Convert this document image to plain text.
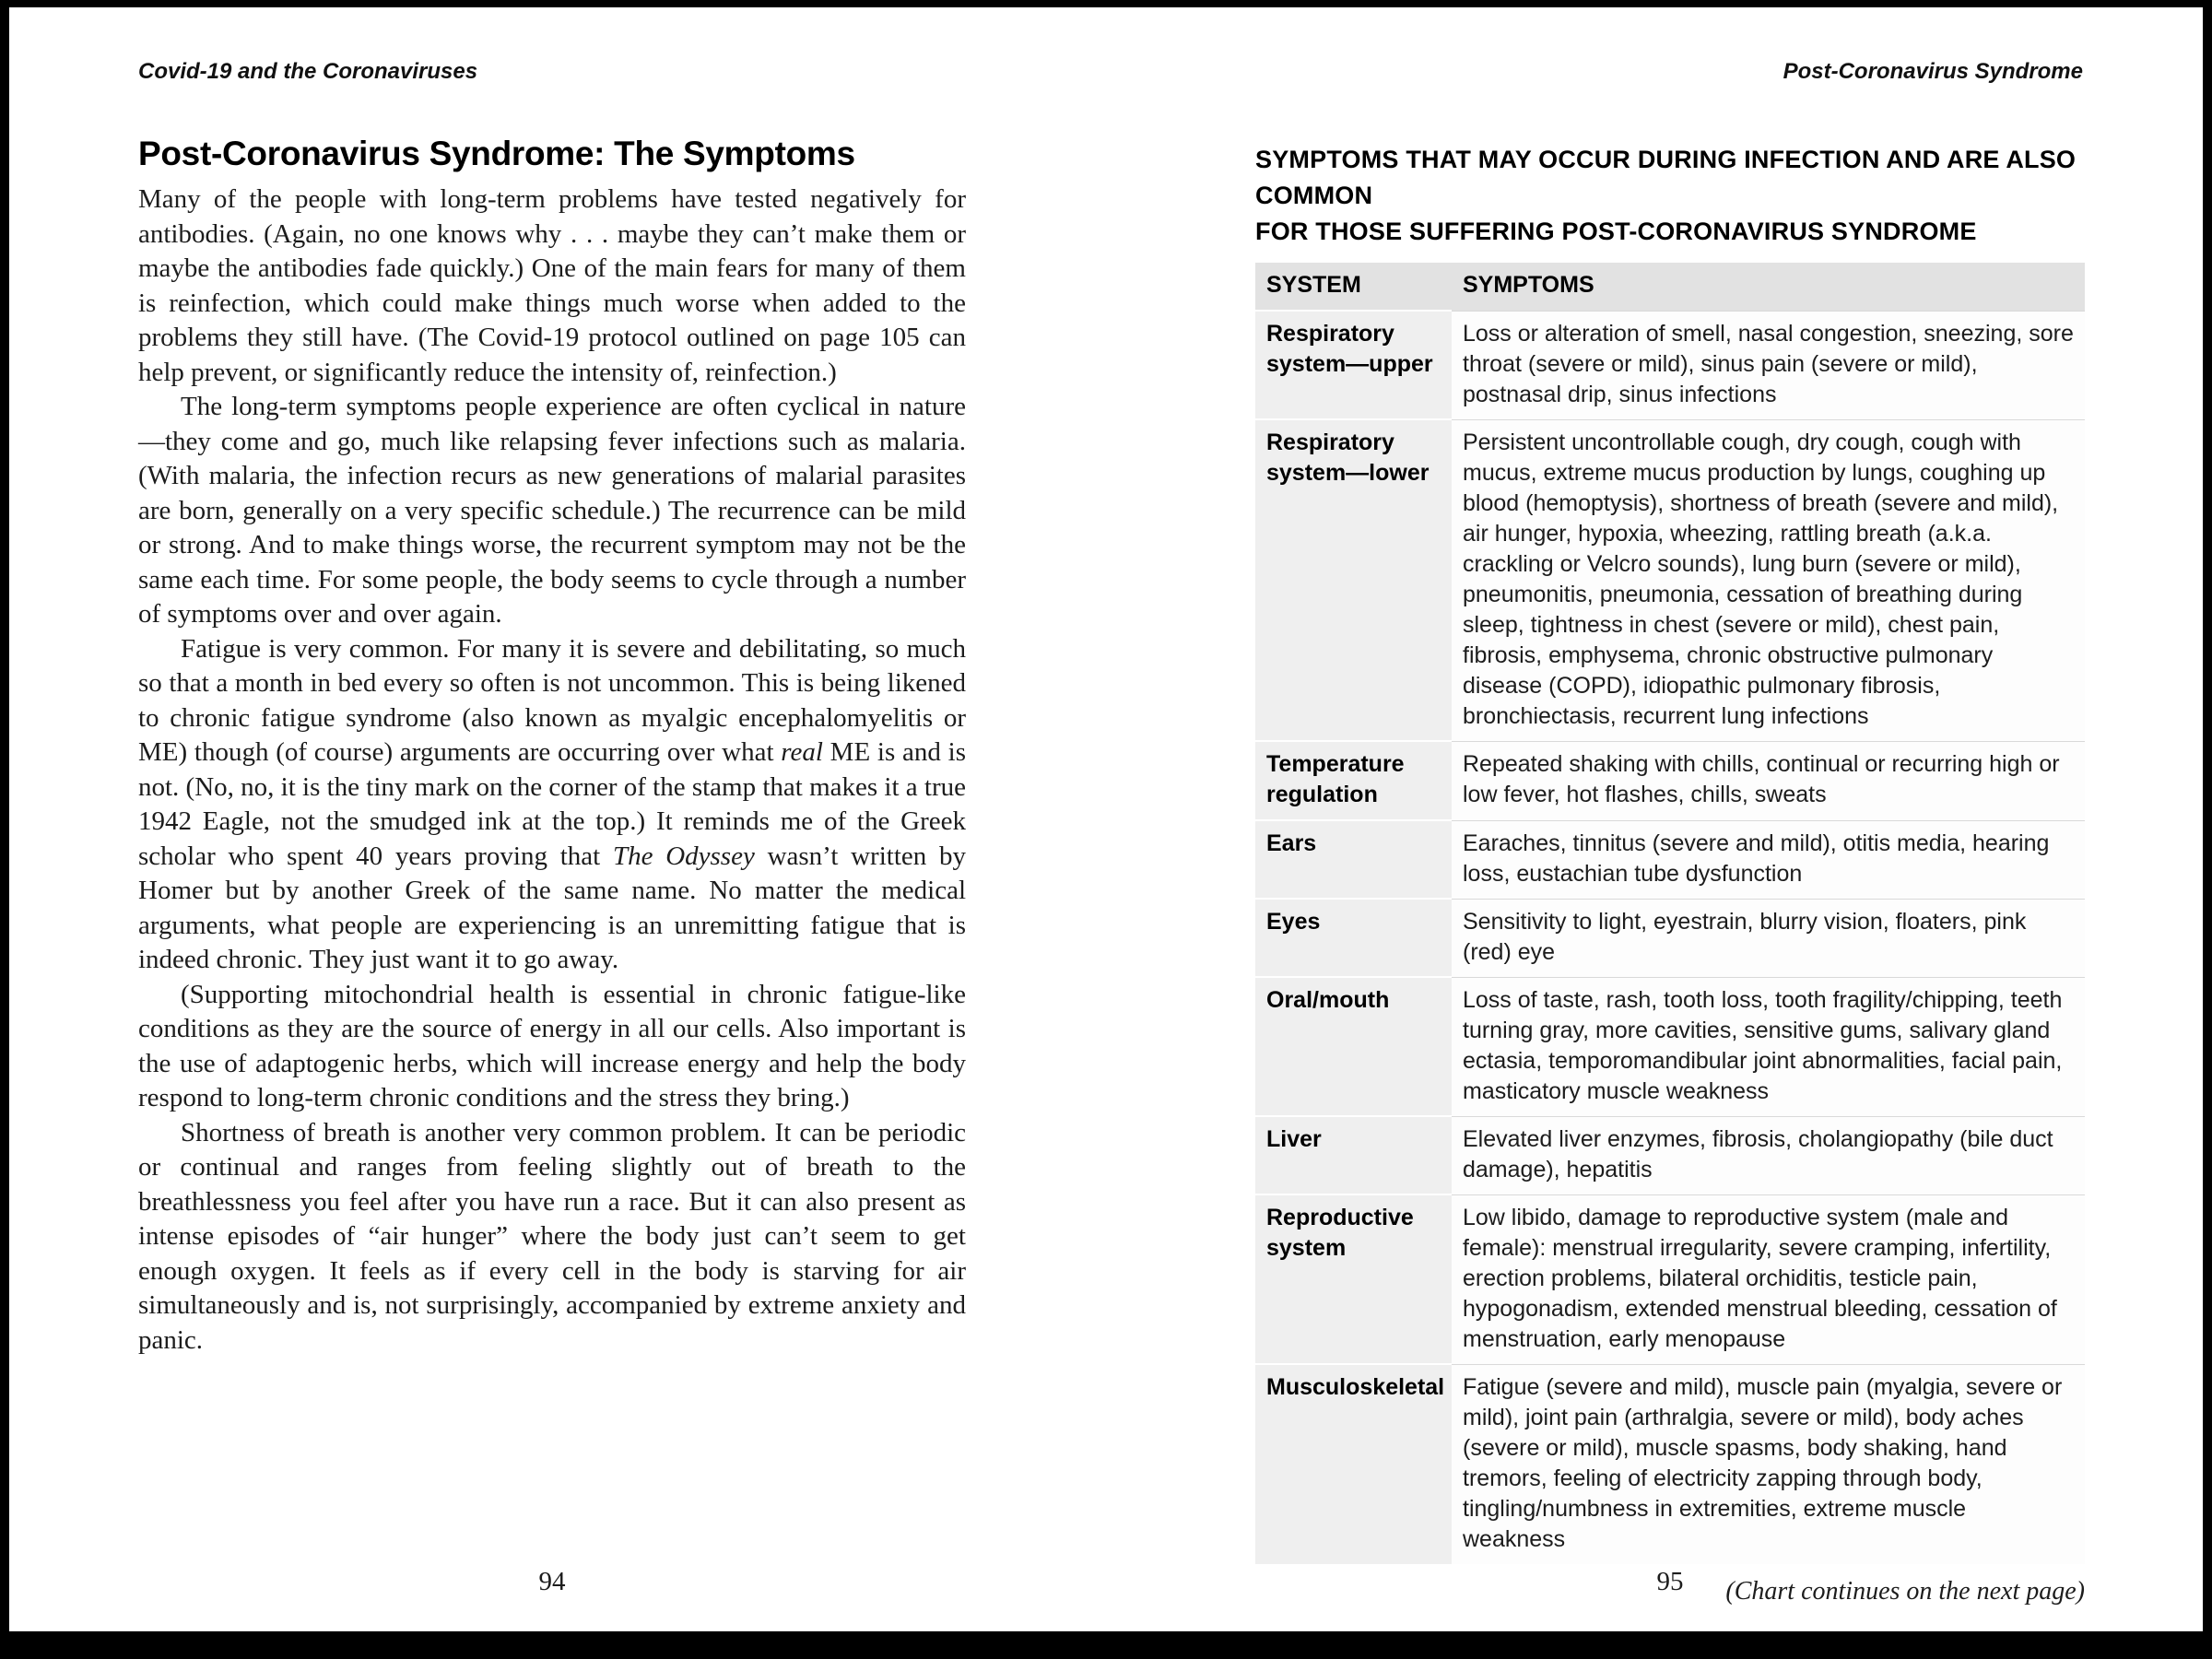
Covid-19 and the Coronaviruses	Post-Coronavirus Syndrome
Post-Coronavirus Syndrome: The Symptoms

Many of the people with long-term problems have tested negatively for antibodies. (Again, no one knows why . . . maybe they can’t make them or maybe the antibodies fade quickly.) One of the main fears for many of them is reinfection, which could make things much worse when added to the problems they still have. (The Covid-19 protocol outlined on page 105 can help prevent, or significantly reduce the intensity of, reinfection.)

The long-term symptoms people experience are often cyclical in nature—they come and go, much like relapsing fever infections such as malaria. (With malaria, the infection recurs as new generations of malarial parasites are born, generally on a very specific schedule.) The recurrence can be mild or strong. And to make things worse, the recurrent symptom may not be the same each time. For some people, the body seems to cycle through a number of symptoms over and over again.

Fatigue is very common. For many it is severe and debilitating, so much so that a month in bed every so often is not uncommon. This is being likened to chronic fatigue syndrome (also known as myalgic encephalomyelitis or ME) though (of course) arguments are occurring over what real ME is and is not. (No, no, it is the tiny mark on the corner of the stamp that makes it a true 1942 Eagle, not the smudged ink at the top.) It reminds me of the Greek scholar who spent 40 years proving that The Odyssey wasn’t written by Homer but by another Greek of the same name. No matter the medical arguments, what people are experiencing is an unremitting fatigue that is indeed chronic. They just want it to go away.

(Supporting mitochondrial health is essential in chronic fatigue-like conditions as they are the source of energy in all our cells. Also important is the use of adaptogenic herbs, which will increase energy and help the body respond to long-term chronic conditions and the stress they bring.)

Shortness of breath is another very common problem. It can be periodic or continual and ranges from feeling slightly out of breath to the breathlessness you feel after you have run a race. But it can also present as intense episodes of “air hunger” where the body just can’t seem to get enough oxygen. It feels as if every cell in the body is starving for air simultaneously and is, not surprisingly, accompanied by extreme anxiety and panic.

SYMPTOMS THAT MAY OCCUR DURING INFECTION AND ARE ALSO COMMON
FOR THOSE SUFFERING POST-CORONAVIRUS SYNDROME
SYSTEM	SYMPTOMS
Respiratory system—upper	Loss or alteration of smell, nasal congestion, sneezing, sore throat (severe or mild), sinus pain (severe or mild), postnasal drip, sinus infections
Respiratory system—lower	Persistent uncontrollable cough, dry cough, cough with mucus, extreme mucus production by lungs, coughing up blood (hemoptysis), shortness of breath (severe and mild), air hunger, hypoxia, wheezing, rattling breath (a.k.a. crackling or Velcro sounds), lung burn (severe or mild), pneumonitis, pneumonia, cessation of breathing during sleep, tightness in chest (severe or mild), chest pain, fibrosis, emphysema, chronic obstructive pulmonary disease (COPD), idiopathic pulmonary fibrosis, bronchiectasis, recurrent lung infections
Temperature regulation	Repeated shaking with chills, continual or recurring high or low fever, hot flashes, chills, sweats
Ears	Earaches, tinnitus (severe and mild), otitis media, hearing loss, eustachian tube dysfunction
Eyes	Sensitivity to light, eyestrain, blurry vision, floaters, pink (red) eye
Oral/mouth	Loss of taste, rash, tooth loss, tooth fragility/chipping, teeth turning gray, more cavities, sensitive gums, salivary gland ectasia, temporomandibular joint abnormalities, facial pain, masticatory muscle weakness
Liver	Elevated liver enzymes, fibrosis, cholangiopathy (bile duct damage), hepatitis
Reproductive system	Low libido, damage to reproductive system (male and female): menstrual irregularity, severe cramping, infertility, erection problems, bilateral orchiditis, testicle pain, hypogonadism, extended menstrual bleeding, cessation of menstruation, early menopause
Musculoskeletal	Fatigue (severe and mild), muscle pain (myalgia, severe or mild), joint pain (arthralgia, severe or mild), body aches (severe or mild), muscle spasms, body shaking, hand tremors, feeling of electricity zapping through body, tingling/numbness in extremities, extreme muscle weakness
(Chart continues on the next page)
94	95
